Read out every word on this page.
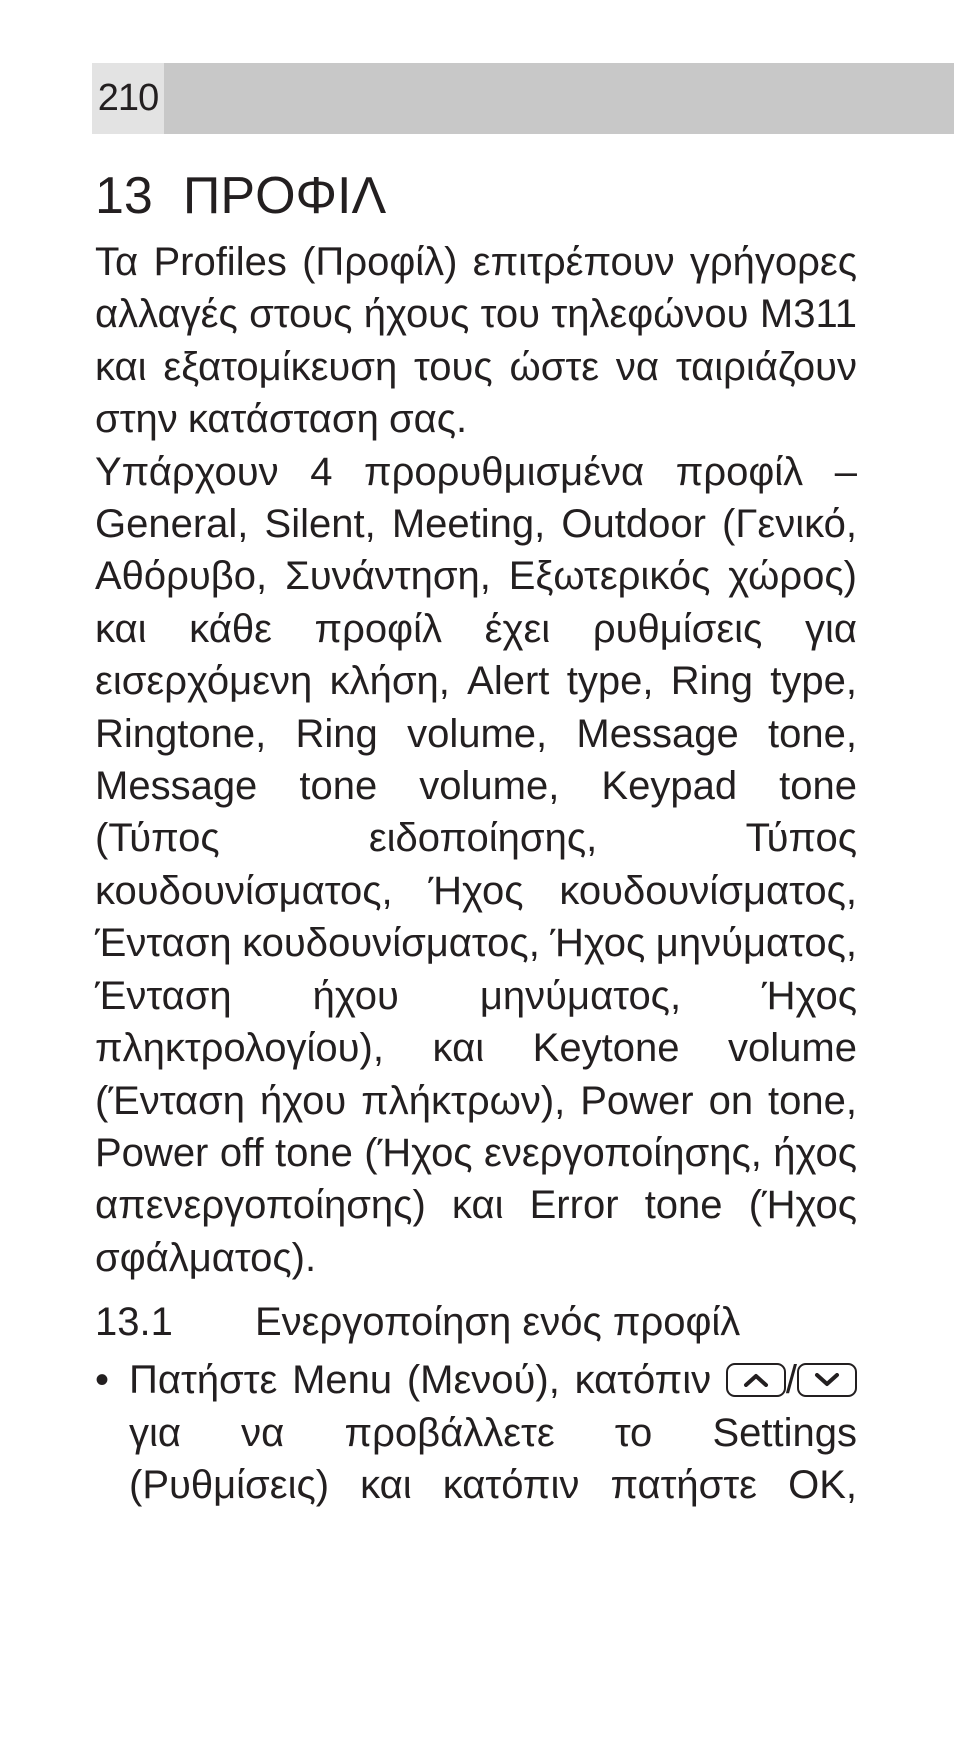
210
13 ΠΡΟΦΙΛ

Τα Profiles (Προφίλ) επιτρέπουν γρήγορες αλλαγές στους ήχους του τηλεφώνου M311 και εξατομίκευση τους ώστε να ταιριάζουν στην κατάσταση σας.

Υπάρχουν 4 προρυθμισμένα προφίλ – General, Silent, Meeting, Outdoor (Γενικό, Αθόρυβο, Συνάντηση, Εξωτερικός χώρος) και κάθε προφίλ έχει ρυθμίσεις για εισερχόμενη κλήση, Alert type, Ring type, Ringtone, Ring volume, Message tone, Message tone volume, Keypad tone (Τύπος ειδοποίησης, Τύπος κουδουνίσματος, Ήχος κουδουνίσματος, Ένταση κουδουνίσματος, Ήχος μηνύματος, Ένταση ήχου μηνύματος, Ήχος πληκτρολογίου), και Keytone volume (Ένταση ήχου πλήκτρων), Power on tone, Power off tone (Ήχος ενεργοποίησης, ήχος απενεργοποίησης) και Error tone (Ήχος σφάλματος).

13.1 Ενεργοποίηση ενός προφίλ
• Πατήστε Menu (Μενού), κατόπιν /
για να προβάλλετε το Settings (Ρυθμίσεις) και κατόπιν πατήστε OK,
